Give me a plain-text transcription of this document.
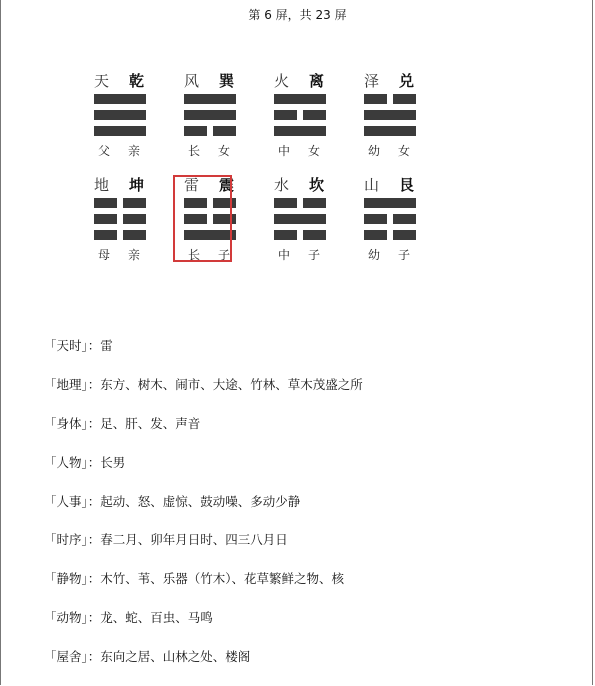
第 6 屏，共 23 屏
天 乾
父 亲
风 巽
长 女
火 离
中 女
泽 兑
幼 女
地 坤
母 亲
雷 震
长 子
水 坎
中 子
山 艮
幼 子
「天时」：雷
「地理」：东方、树木、闹市、大途、竹林、草木茂盛之所
「身体」：足、肝、发、声音
「人物」：长男
「人事」：起动、怒、虚惊、鼓动噪、多动少静
「时序」：春二月、卯年月日时、四三八月日
「静物」：木竹、苇、乐器（竹木）、花草繁鲜之物、核
「动物」：龙、蛇、百虫、马鸣
「屋舍」：东向之居、山林之处、楼阁
